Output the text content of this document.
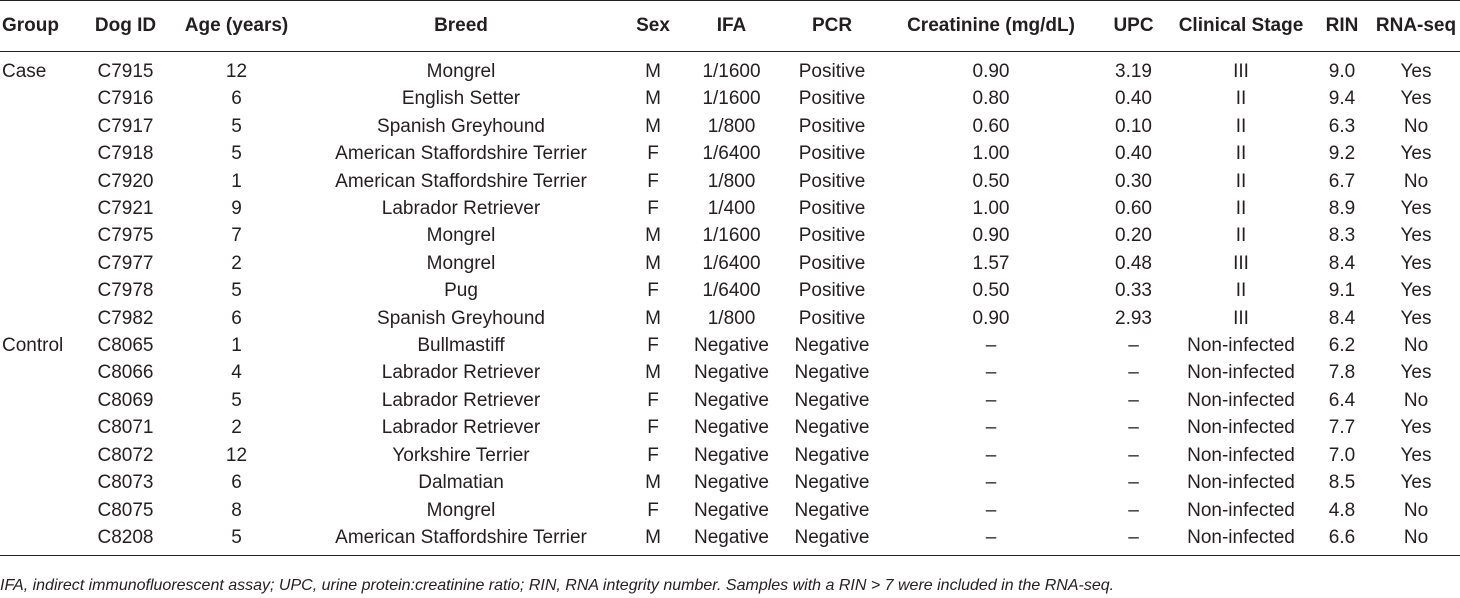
Group	Dog ID	Age (years)	Breed	Sex	IFA	PCR	Creatinine (mg/dL)	UPC	Clinical Stage	RIN	RNA-seq
Case	C7915	12	Mongrel	M	1/1600	Positive	0.90	3.19	III	9.0	Yes
	C7916	6	English Setter	M	1/1600	Positive	0.80	0.40	II	9.4	Yes
	C7917	5	Spanish Greyhound	M	1/800	Positive	0.60	0.10	II	6.3	No
	C7918	5	American Staffordshire Terrier	F	1/6400	Positive	1.00	0.40	II	9.2	Yes
	C7920	1	American Staffordshire Terrier	F	1/800	Positive	0.50	0.30	II	6.7	No
	C7921	9	Labrador Retriever	F	1/400	Positive	1.00	0.60	II	8.9	Yes
	C7975	7	Mongrel	M	1/1600	Positive	0.90	0.20	II	8.3	Yes
	C7977	2	Mongrel	M	1/6400	Positive	1.57	0.48	III	8.4	Yes
	C7978	5	Pug	F	1/6400	Positive	0.50	0.33	II	9.1	Yes
	C7982	6	Spanish Greyhound	M	1/800	Positive	0.90	2.93	III	8.4	Yes
Control	C8065	1	Bullmastiff	F	Negative	Negative	–	–	Non-infected	6.2	No
	C8066	4	Labrador Retriever	M	Negative	Negative	–	–	Non-infected	7.8	Yes
	C8069	5	Labrador Retriever	F	Negative	Negative	–	–	Non-infected	6.4	No
	C8071	2	Labrador Retriever	F	Negative	Negative	–	–	Non-infected	7.7	Yes
	C8072	12	Yorkshire Terrier	F	Negative	Negative	–	–	Non-infected	7.0	Yes
	C8073	6	Dalmatian	M	Negative	Negative	–	–	Non-infected	8.5	Yes
	C8075	8	Mongrel	F	Negative	Negative	–	–	Non-infected	4.8	No
	C8208	5	American Staffordshire Terrier	M	Negative	Negative	–	–	Non-infected	6.6	No
IFA, indirect immunofluorescent assay; UPC, urine protein:creatinine ratio; RIN, RNA integrity number. Samples with a RIN > 7 were included in the RNA-seq.
